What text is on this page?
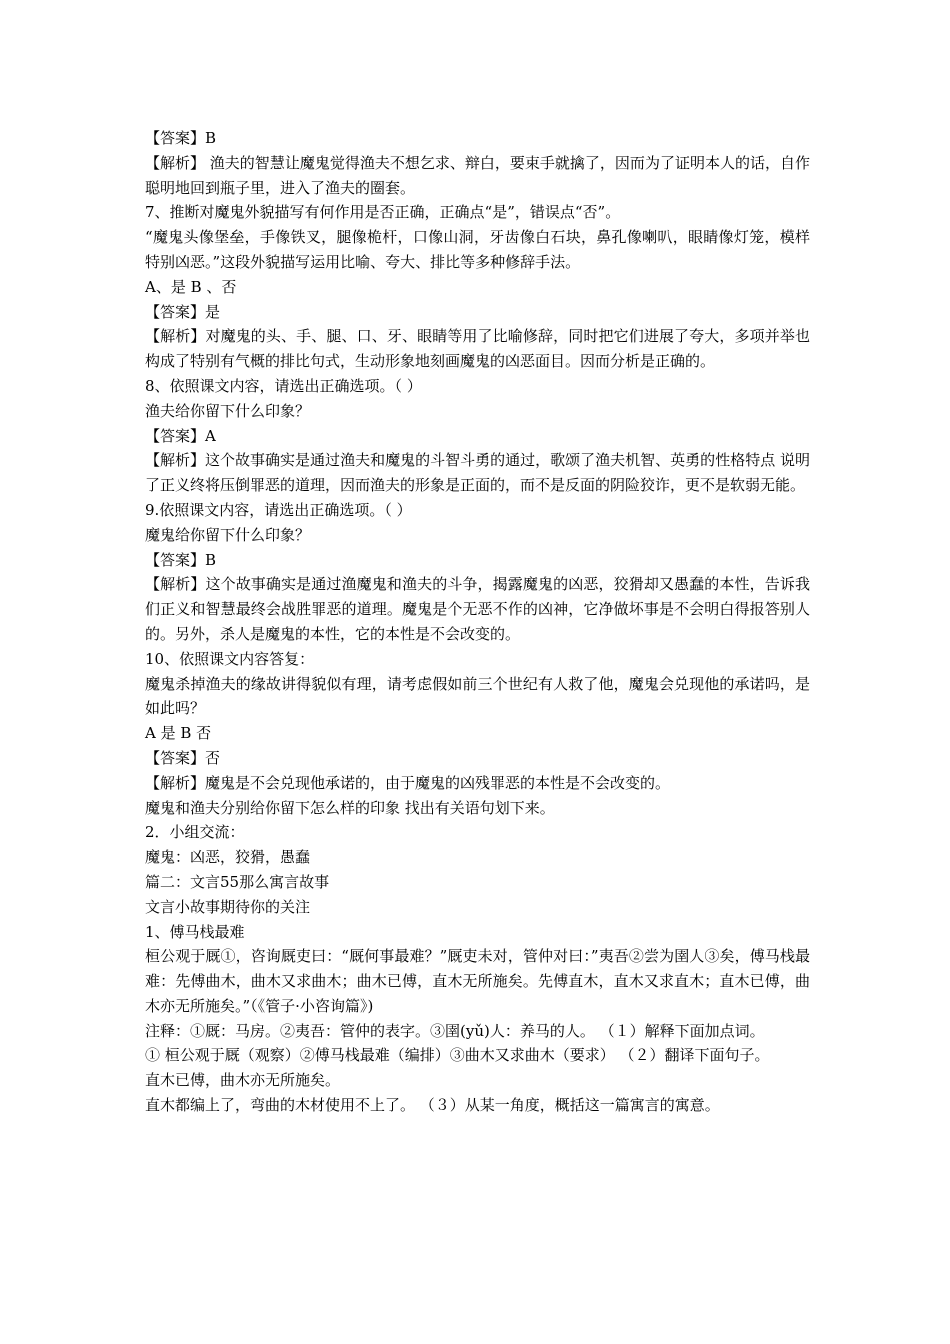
【答案】B

【解析】 渔夫的智慧让魔鬼觉得渔夫不想乞求、辩白，要束手就擒了，因而为了证明本人的话，自作聪明地回到瓶子里，进入了渔夫的圈套。

7、推断对魔鬼外貌描写有何作用是否正确，正确点“是”，错误点“否”。

“魔鬼头像堡垒，手像铁叉，腿像桅杆，口像山洞，牙齿像白石块，鼻孔像喇叭，眼睛像灯笼，模样特别凶恶。”这段外貌描写运用比喻、夸大、排比等多种修辞手法。

A、是 B 、否

【答案】是

【解析】对魔鬼的头、手、腿、口、牙、眼睛等用了比喻修辞，同时把它们进展了夸大，多项并举也构成了特别有气概的排比句式，生动形象地刻画魔鬼的凶恶面目。因而分析是正确的。

8、依照课文内容，请选出正确选项。（ ）

渔夫给你留下什么印象？

【答案】A

【解析】这个故事确实是通过渔夫和魔鬼的斗智斗勇的通过，歌颂了渔夫机智、英勇的性格特点 说明了正义终将压倒罪恶的道理，因而渔夫的形象是正面的，而不是反面的阴险狡诈，更不是软弱无能。

9.依照课文内容，请选出正确选项。（ ）

魔鬼给你留下什么印象？

【答案】B

【解析】这个故事确实是通过渔魔鬼和渔夫的斗争，揭露魔鬼的凶恶，狡猾却又愚蠢的本性，告诉我们正义和智慧最终会战胜罪恶的道理。魔鬼是个无恶不作的凶神，它净做坏事是不会明白得报答别人的。另外，杀人是魔鬼的本性，它的本性是不会改变的。

10、依照课文内容答复：

魔鬼杀掉渔夫的缘故讲得貌似有理，请考虑假如前三个世纪有人救了他，魔鬼会兑现他的承诺吗，是如此吗？

A 是 B 否

【答案】否

【解析】魔鬼是不会兑现他承诺的，由于魔鬼的凶残罪恶的本性是不会改变的。

魔鬼和渔夫分别给你留下怎么样的印象 找出有关语句划下来。

2．小组交流：

魔鬼：凶恶，狡猾，愚蠢

篇二：文言55那么寓言故事

文言小故事期待你的关注

1、傅马栈最难

桓公观于厩①，咨询厩吏曰：“厩何事最难？”厩吏未对，管仲对曰：”夷吾②尝为圉人③矣，傅马栈最难：先傅曲木，曲木又求曲木；曲木已傅，直木无所施矣。先傅直木，直木又求直木；直木已傅，曲木亦无所施矣。”（《管子·小咨询篇》)

注释：①厩：马房。②夷吾：管仲的表字。③圉(yǔ)人：养马的人。 （１）解释下面加点词。

① 桓公观于厩（观察）②傅马栈最难（编排）③曲木又求曲木（要求） （２）翻译下面句子。

直木已傅，曲木亦无所施矣。

直木都编上了，弯曲的木材使用不上了。 （３）从某一角度，概括这一篇寓言的寓意。
